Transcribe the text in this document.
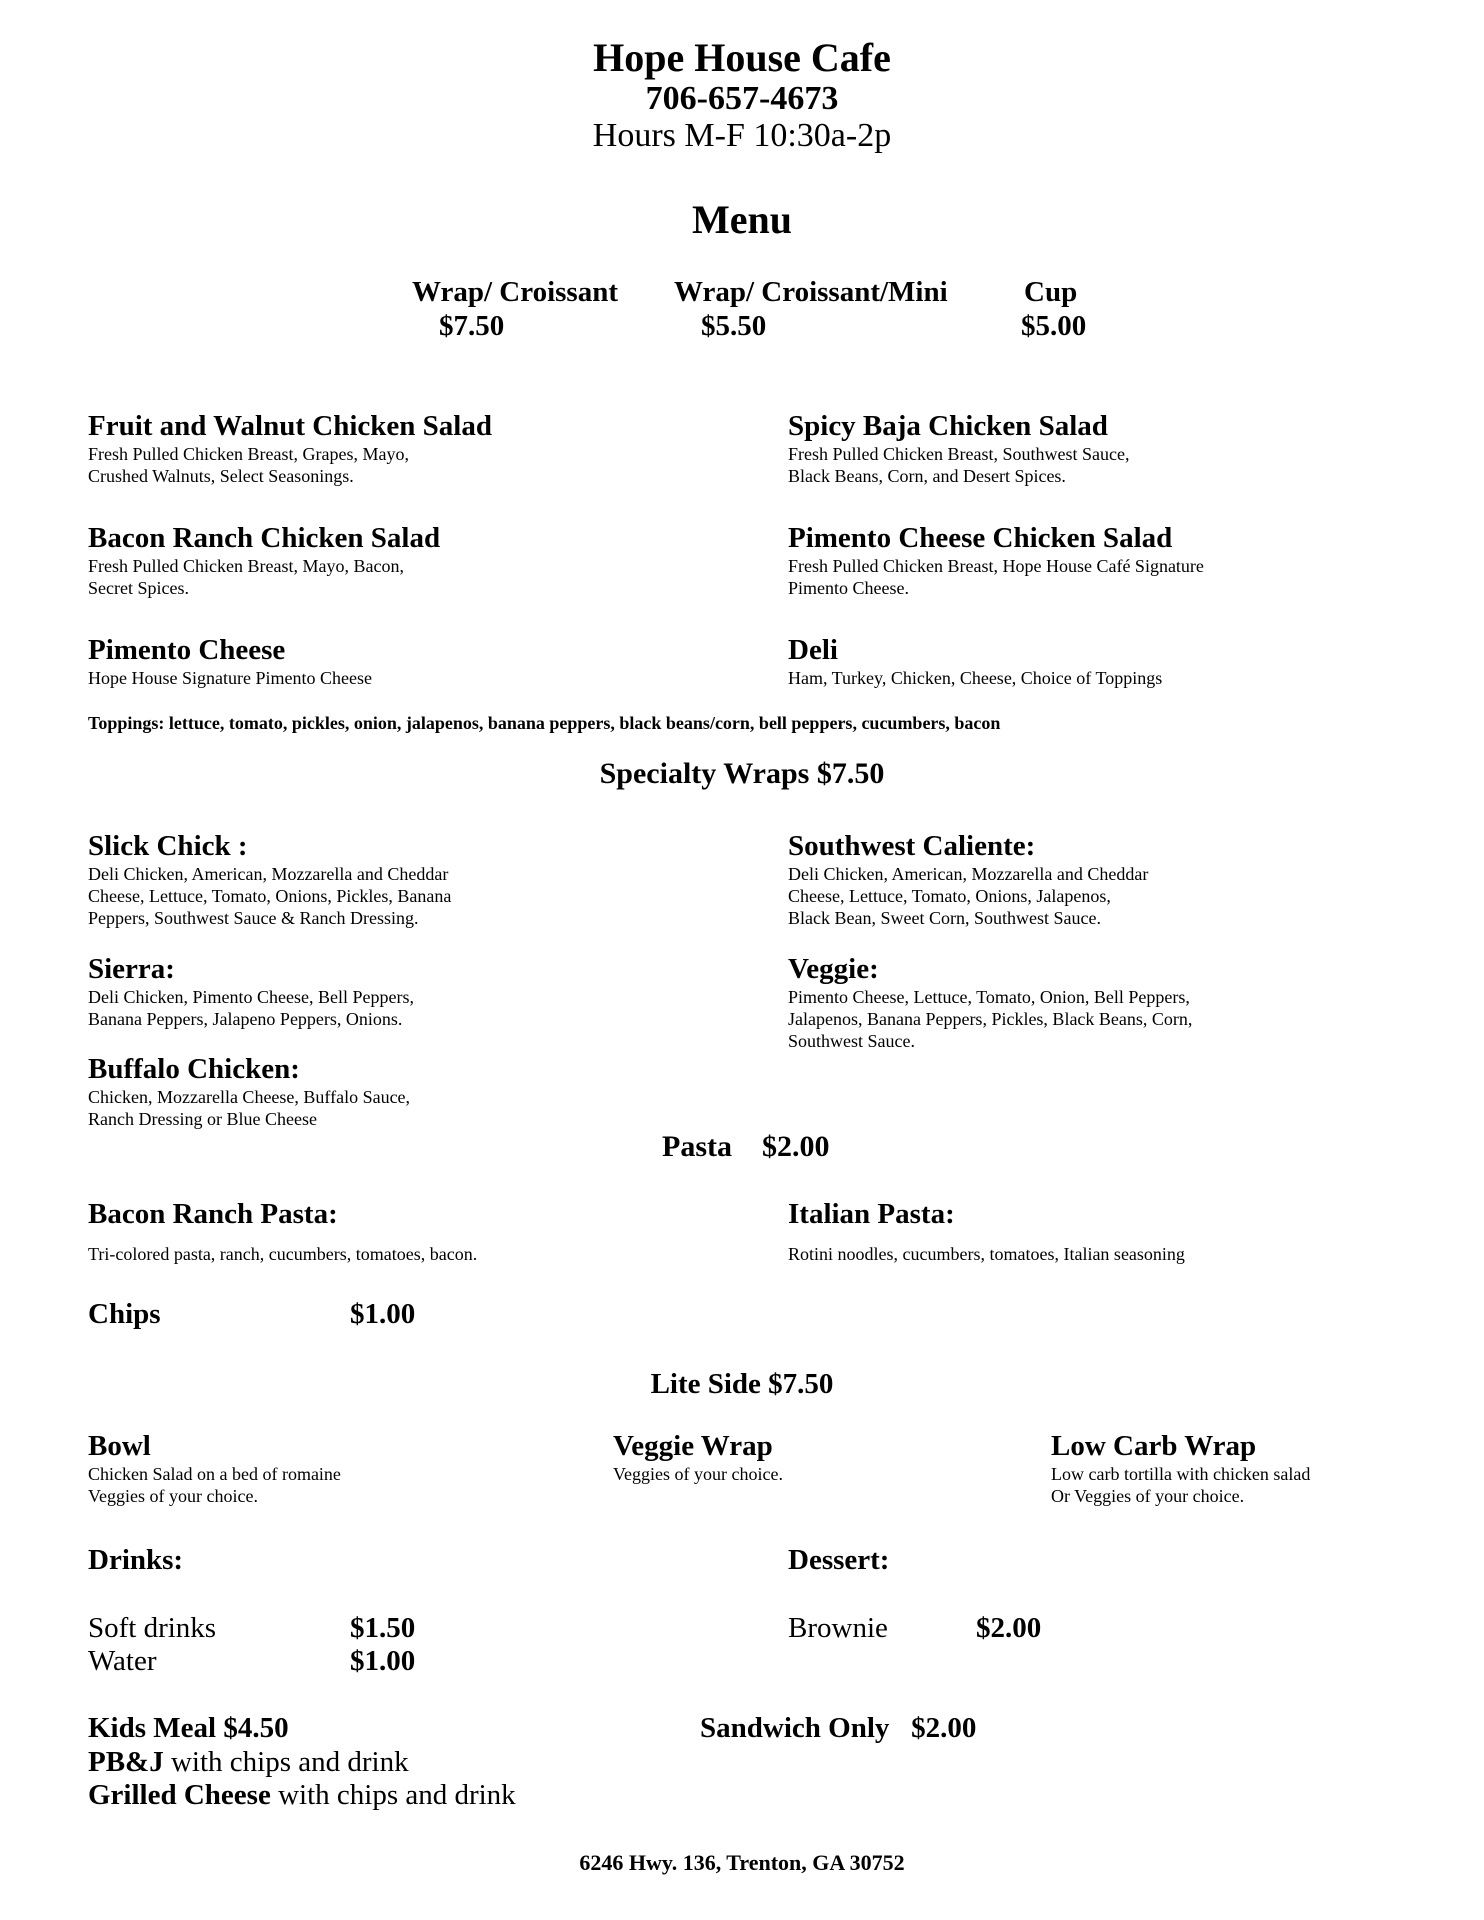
Hope House Cafe
706-657-4673
Hours M-F 10:30a-2p
Menu
Wrap/ Croissant
$7.50
Wrap/ Croissant/Mini
$5.50
Cup
$5.00
Fruit and Walnut Chicken Salad
Fresh Pulled Chicken Breast, Grapes, Mayo,
Crushed Walnuts, Select Seasonings.
Spicy Baja Chicken Salad
Fresh Pulled Chicken Breast, Southwest Sauce,
Black Beans, Corn, and Desert Spices.
Bacon Ranch Chicken Salad
Fresh Pulled Chicken Breast, Mayo, Bacon,
Secret Spices.
Pimento Cheese Chicken Salad
Fresh Pulled Chicken Breast, Hope House Café Signature
Pimento Cheese.
Pimento Cheese
Hope House Signature Pimento Cheese
Deli
Ham, Turkey, Chicken, Cheese, Choice of Toppings
Toppings: lettuce, tomato, pickles, onion, jalapenos, banana peppers, black beans/corn, bell peppers, cucumbers, bacon
Specialty Wraps $7.50
Slick Chick :
Deli Chicken, American, Mozzarella and Cheddar
Cheese, Lettuce, Tomato, Onions, Pickles, Banana
Peppers, Southwest Sauce & Ranch Dressing.
Southwest Caliente:
Deli Chicken, American, Mozzarella and Cheddar
Cheese, Lettuce, Tomato, Onions, Jalapenos,
Black Bean, Sweet Corn, Southwest Sauce.
Sierra:
Deli Chicken, Pimento Cheese, Bell Peppers,
Banana Peppers, Jalapeno Peppers, Onions.
Veggie:
Pimento Cheese, Lettuce, Tomato, Onion, Bell Peppers,
Jalapenos, Banana Peppers, Pickles, Black Beans, Corn,
Southwest Sauce.
Buffalo Chicken:
Chicken, Mozzarella Cheese, Buffalo Sauce,
Ranch Dressing or Blue Cheese
Pasta    $2.00
Bacon Ranch Pasta:
Tri-colored pasta, ranch, cucumbers, tomatoes, bacon.
Italian Pasta:
Rotini noodles, cucumbers, tomatoes, Italian seasoning
Chips	$1.00
Lite Side $7.50
Bowl
Chicken Salad on a bed of romaine
Veggies of your choice.
Veggie Wrap
Veggies of your choice.
Low Carb Wrap
Low carb tortilla with chicken salad
Or Veggies of your choice.
Drinks:
Soft drinks	$1.50
Water	$1.00
Dessert:
Brownie	$2.00
Kids Meal $4.50
PB&J with chips and drink
Grilled Cheese with chips and drink
Sandwich Only   $2.00
6246 Hwy. 136, Trenton, GA 30752
